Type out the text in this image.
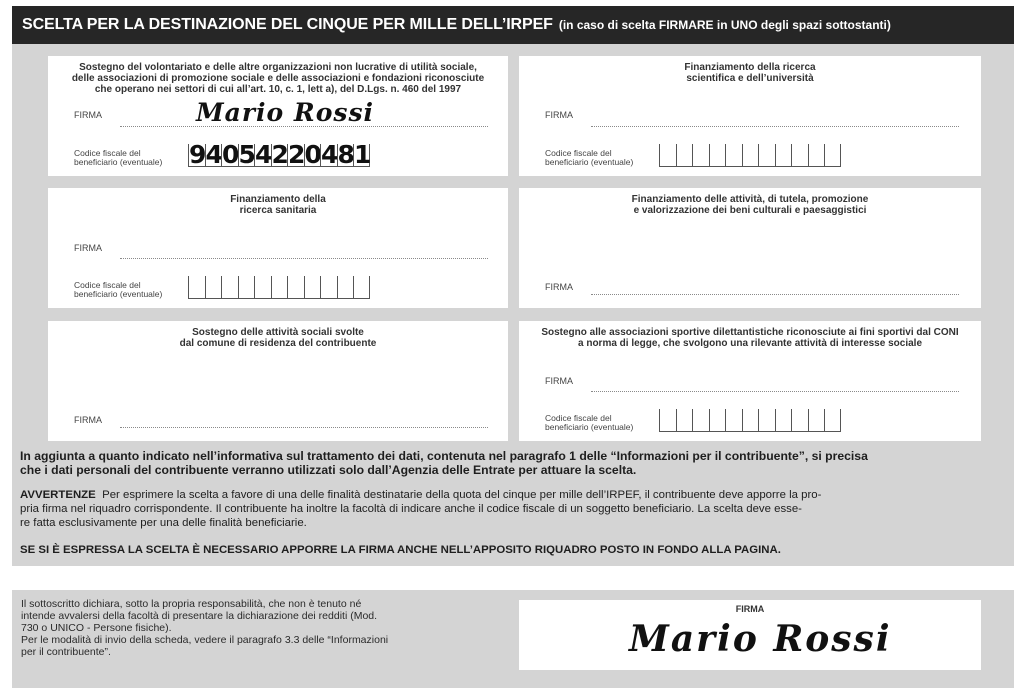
SCELTA PER LA DESTINAZIONE DEL CINQUE PER MILLE DELL’IRPEF (in caso di scelta FIRMARE in UNO degli spazi sottostanti)
Sostegno del volontariato e delle altre organizzazioni non lucrative di utilità sociale,
delle associazioni di promozione sociale e delle associazioni e fondazioni riconosciute
che operano nei settori di cui all’art. 10, c. 1, lett a), del D.Lgs. n. 460 del 1997
FIRMA	Mario Rossi
Codice fiscale del
beneficiario (eventuale) 9 4 0 5 4 2 2 0 4 8 1
Finanziamento della ricerca
scientifica e dell’università
FIRMA
Codice fiscale del
beneficiario (eventuale)
Finanziamento della
ricerca sanitaria
FIRMA
Codice fiscale del
beneficiario (eventuale)
Finanziamento delle attività, di tutela, promozione
e valorizzazione dei beni culturali e paesaggistici
FIRMA
Sostegno delle attività sociali svolte
dal comune di residenza del contribuente
FIRMA
Sostegno alle associazioni sportive dilettantistiche riconosciute ai fini sportivi dal CONI
a norma di legge, che svolgono una rilevante attività di interesse sociale
FIRMA
Codice fiscale del
beneficiario (eventuale)
In aggiunta a quanto indicato nell’informativa sul trattamento dei dati, contenuta nel paragrafo 1 delle “Informazioni per il contribuente”, si precisa
che i dati personali del contribuente verranno utilizzati solo dall’Agenzia delle Entrate per attuare la scelta.
AVVERTENZE Per esprimere la scelta a favore di una delle finalità destinatarie della quota del cinque per mille dell’IRPEF, il contribuente deve apporre la pro-
pria firma nel riquadro corrispondente. Il contribuente ha inoltre la facoltà di indicare anche il codice fiscale di un soggetto beneficiario. La scelta deve esse-
re fatta esclusivamente per una delle finalità beneficiarie.
SE SI È ESPRESSA LA SCELTA È NECESSARIO APPORRE LA FIRMA ANCHE NELL’APPOSITO RIQUADRO POSTO IN FONDO ALLA PAGINA.
Il sottoscritto dichiara, sotto la propria responsabilità, che non è tenuto né
intende avvalersi della facoltà di presentare la dichiarazione dei redditi (Mod.
730 o UNICO - Persone fisiche).
Per le modalità di invio della scheda, vedere il paragrafo 3.3 delle “Informazioni
per il contribuente”.
FIRMA
Mario Rossi
